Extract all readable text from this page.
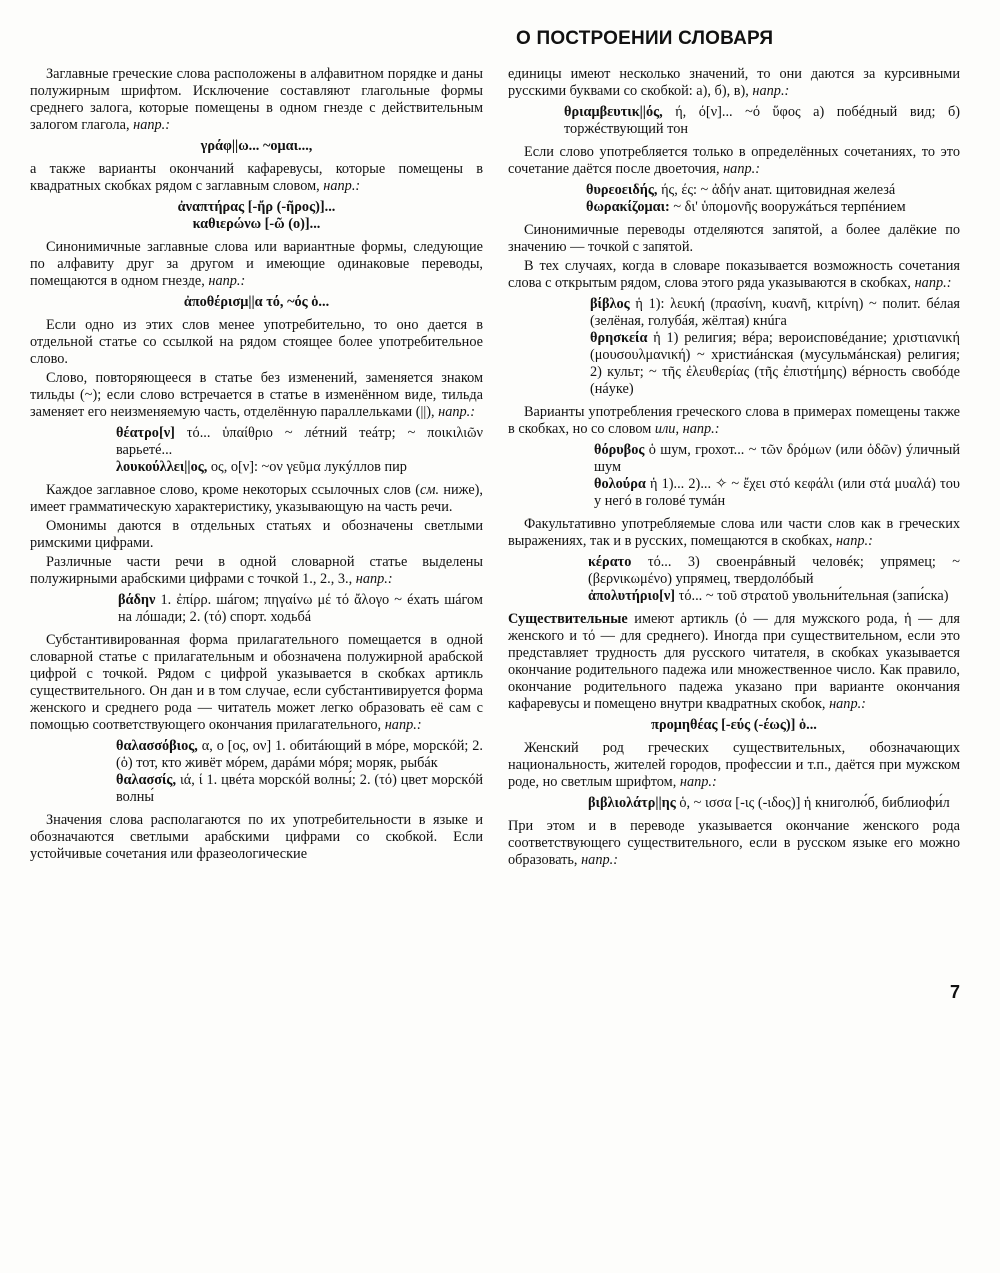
О ПОСТРОЕНИИ СЛОВАРЯ

Заглавные греческие слова расположены в алфавитном порядке и даны полужирным шрифтом. Исключение составляют глагольные формы среднего залога, которые помещены в одном гнезде с действительным залогом глагола, напр.:

γράφ||ω... ~ομαι...,

а также варианты окончаний кафаревусы, которые помещены в квадратных скобках рядом с заглавным словом, напр.:

ἀναπτήρας [-ἤρ (-ῆρος)]...
καθιερώνω [-ῶ (ο)]...

Синонимичные заглавные слова или вариантные формы, следующие по алфавиту друг за другом и имеющие одинаковые переводы, помещаются в одном гнезде, напр.:

ἀποθέρισμ||α τό, ~ός ὁ...

Если одно из этих слов менее употребительно, то оно дается в отдельной статье со ссылкой на рядом стоящее более употребительное слово.

Слово, повторяющееся в статье без изменений, заменяется знаком тильды (~); если слово встречается в статье в изменённом виде, тильда заменяет его неизменяемую часть, отделённую параллельками (||), напр.:

θέατρο[ν] τό... ὑπαίθριο ~ лéтний теáтр; ~ ποικιλιῶν варьетé...
λουκούλλει||ος, ος, ο[ν]: ~ον γεῦμα лукýллов пир

Каждое заглавное слово, кроме некоторых ссылочных слов (см. ниже), имеет грамматическую характеристику, указывающую на часть речи.

Омонимы даются в отдельных статьях и обозначены светлыми римскими цифрами.

Различные части речи в одной словарной статье выделены полужирными арабскими цифрами с точкой 1., 2., 3., напр.:

βάδην 1. ἐπίρρ. шáгом; πηγαίνω μέ τό ἄλογο ~ éхать шáгом на лóшади; 2. (τό) спорт. ходьбá

Субстантивированная форма прилагательного помещается в одной словарной статье с прилагательным и обозначена полужирной арабской цифрой с точкой. Рядом с цифрой указывается в скобках артикль существительного. Он дан и в том случае, если субстантивируется форма женского и среднего рода — читатель может легко образовать её сам с помощью соответствующего окончания прилагательного, напр.:

θαλασσόβιος, α, ο [ος, ον] 1. обитáющий в мóре, морскóй; 2. (ὁ) тот, кто живёт мóрем, дарáми мóря; моряк, рыбáк
θαλασσίς, ιά, ί 1. цвéта морскóй волны́; 2. (τό) цвет морскóй волны́

Значения слова располагаются по их употребительности в языке и обозначаются светлыми арабскими цифрами со скобкой. Если устойчивые сочетания или фразеологические

единицы имеют несколько значений, то они даются за курсивными русскими буквами со скобкой: а), б), в), напр.:

θριαμβευτικ||ός, ή, ό[ν]... ~ό ὕφος а) побéдный вид; б) торжéствующий тон

Если слово употребляется только в определённых сочетаниях, то это сочетание даётся после двоеточия, напр.:

θυρεοειδής, ής, ές: ~ ἀδήν анат. щитовидная железá
θωρακίζομαι: ~ δι' ὑπομονῆς вооружáться терпéнием

Синонимичные переводы отделяются запятой, а более далёкие по значению — точкой с запятой.

В тех случаях, когда в словаре показывается возможность сочетания слова с открытым рядом, слова этого ряда указываются в скобках, напр.:

βίβλος ἡ 1): λευκή (πρασίνη, κυανῆ, κιτρίνη) ~ полит. бéлая (зелёная, голубáя, жёлтая) кнúга
θρησκεία ἡ 1) религия; вéра; вероисповéдание; χριστιανική (μουσουλμανική) ~ христиáнская (мусульмáнская) религия; 2) культ; ~ τῆς ἐλευθερίας (τῆς ἐπιστήμης) вéрность свобóде (нáуке)

Варианты употребления греческого слова в примерах помещены также в скобках, но со словом или, напр.:

θόρυβος ὁ шум, грохот... ~ τῶν δρόμων (или ὁδῶν) ýличный шум
θολούρα ἡ 1)... 2)... ✧ ~ ἔχει στό κεφάλι (или στά μυαλά) του у негó в головé тумáн

Факультативно употребляемые слова или части слов как в греческих выражениях, так и в русских, помещаются в скобках, напр.:

κέρατο τό... 3) своенрáвный человéк; упрямец; ~ (βερνικωμένο) упрямец, твердолóбый
ἀπολυτήριο[ν] τό... ~ τοῦ στρατοῦ увольни́тельная (запи́ска)

Существительные имеют артикль (ὁ — для мужского рода, ἡ — для женского и τό — для среднего). Иногда при существительном, если это представляет трудность для русского читателя, в скобках указывается окончание родительного падежа или множественное число. Как правило, окончание родительного падежа указано при варианте окончания кафаревусы и помещено внутри квадратных скобок, напр.:

προμηθέας [-εύς (-έως)] ὁ...

Женский род греческих существительных, обозначающих национальность, жителей городов, профессии и т.п., даётся при мужском роде, но светлым шрифтом, напр.:

βιβλιολάτρ||ης ὁ, ~ ισσα [-ις (-ιδος)] ἡ книголю́б, библиофи́л

При этом и в переводе указывается окончание женского рода соответствующего существительного, если в русском языке его можно образовать, напр.:

7
